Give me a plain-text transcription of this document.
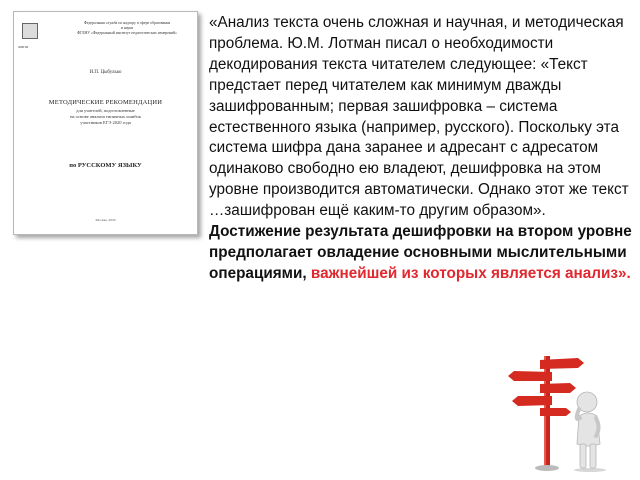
ФИПИ
Федеральная служба по надзору в сфере образования
и науки
ФГБНУ «Федеральный институт педагогических измерений»
И.П. Цыбулько
МЕТОДИЧЕСКИЕ РЕКОМЕНДАЦИИ
для учителей, подготовленные
на основе анализа типичных ошибок
участников ЕГЭ 2020 года
по РУССКОМУ ЯЗЫКУ
Москва, 2020

«Анализ текста очень сложная и научная, и методическая проблема. Ю.М. Лотман писал о необходимости декодирования текста читателем следующее: «Текст предстает перед читателем как минимум дважды зашифрованным; первая зашифровка – система естественного языка (например, русского). Поскольку эта система шифра дана заранее и адресант с адресатом одинаково свободно ею владеют, дешифровка на этом уровне производится автоматически. Однако этот же текст …зашифрован ещё каким-то другим образом». Достижение результата дешифровки на втором уровне предполагает овладение основными мыслительными операциями, важнейшей из которых является анализ».
